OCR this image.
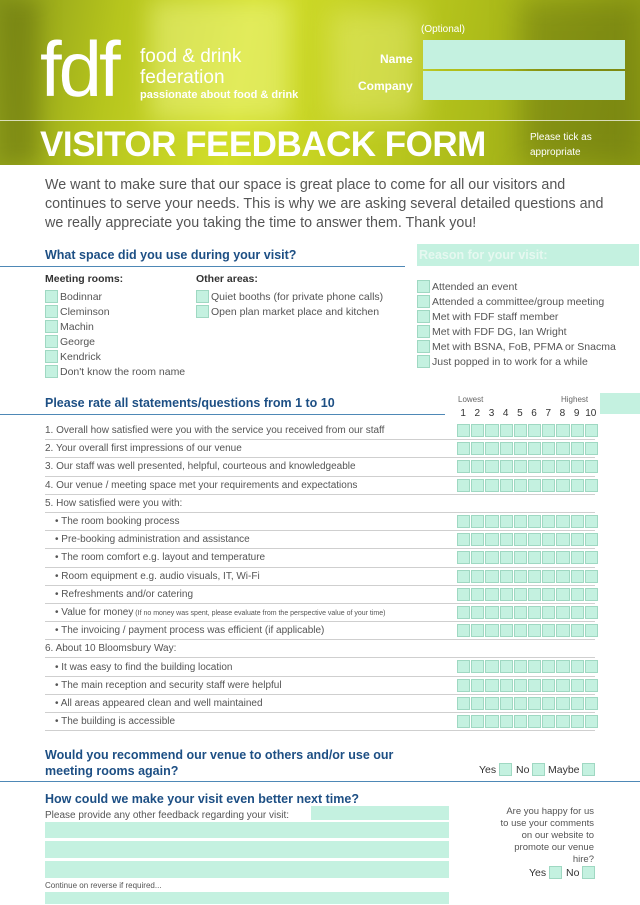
fdf food & drink
federation
passionate about food & drink
(Optional)
Name
Company
VISITOR FEEDBACK FORM	Please tick as appropriate
We want to make sure that our space is great place to come for all our visitors and continues to serve your needs. This is why we are asking several detailed questions and we really appreciate you taking the time to answer them. Thank you!
What space did you use during your visit?
Meeting rooms:	Other areas:
Bodinnar
Cleminson
Machin
George
Kendrick
Don't know the room name
Quiet booths (for private phone calls)
Open plan market place and kitchen
Reason for your visit:
Attended an event
Attended a committee/group meeting
Met with FDF staff member
Met with FDF DG, Ian Wright
Met with BSNA, FoB, PFMA or Snacma
Just popped in to work for a while
Please rate all statements/questions from 1 to 10	Lowest	Highest
1 2 3 4 5 6 7 8 9 10
1. Overall how satisfied were you with the service you received from our staff
2. Your overall first impressions of our venue
3. Our staff was well presented, helpful, courteous and knowledgeable
4. Our venue / meeting space met your requirements and expectations
5. How satisfied were you with:
• The room booking process
• Pre-booking administration and assistance
• The room comfort e.g. layout and temperature
• Room equipment e.g. audio visuals, IT, Wi-Fi
• Refreshments and/or catering
• Value for money (If no money was spent, please evaluate from the perspective value of your time)
• The invoicing / payment process was efficient (if applicable)
6. About 10 Bloomsbury Way:
• It was easy to find the building location
• The main reception and security staff were helpful
• All areas appeared clean and well maintained
• The building is accessible
Would you recommend our venue to others and/or use our meeting rooms again?	Yes
No
Maybe

How could we make your visit even better next time?
Please provide any other feedback regarding your visit:
Continue on reverse if required...
Are you happy for us to use your comments on our website to promote our venue hire?
Yes
No
